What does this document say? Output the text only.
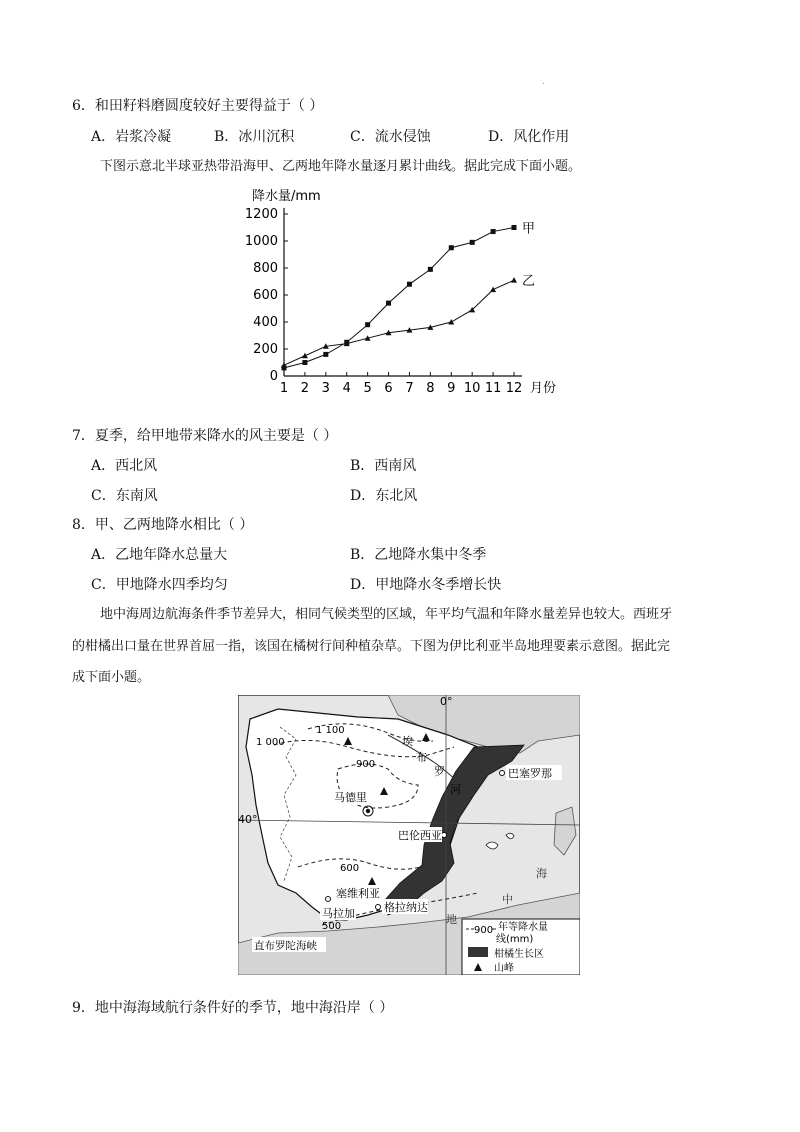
.
6．和田籽料磨圆度较好主要得益于（ ）
A．岩浆冷凝	B．冰川沉积	C．流水侵蚀	D．风化作用
下图示意北半球亚热带沿海甲、乙两地年降水量逐月累计曲线。据此完成下面小题。
降水量/mm
月份
0
200
400
600
800
1000
1200
1 2 3 4 5 6 7 8 9 10 11 12
甲
乙
7．夏季，给甲地带来降水的风主要是（ ）
A．西北风	B．西南风
C．东南风	D．东北风
8．甲、乙两地降水相比（ ）
A．乙地年降水总量大	B．乙地降水集中冬季
C．甲地降水四季均匀	D．甲地降水冬季增长快
地中海周边航海条件季节差异大，相同气候类型的区域，年平均气温和年降水量差异也较大。西班牙
的柑橘出口量在世界首屈一指，该国在橘树行间种植杂草。下图为伊比利亚半岛地理要素示意图。据此完
成下面小题。
0°
40°
1 100
1 000
900
600
500
埃
布
罗
河
地
中
海
马德里
巴塞罗那
巴伦西亚
塞维利亚
马拉加	格拉纳达
直布罗陀海峡
900 年等降水量
线(mm)
柑橘生长区
山峰
9．地中海海域航行条件好的季节，地中海沿岸（ ）
